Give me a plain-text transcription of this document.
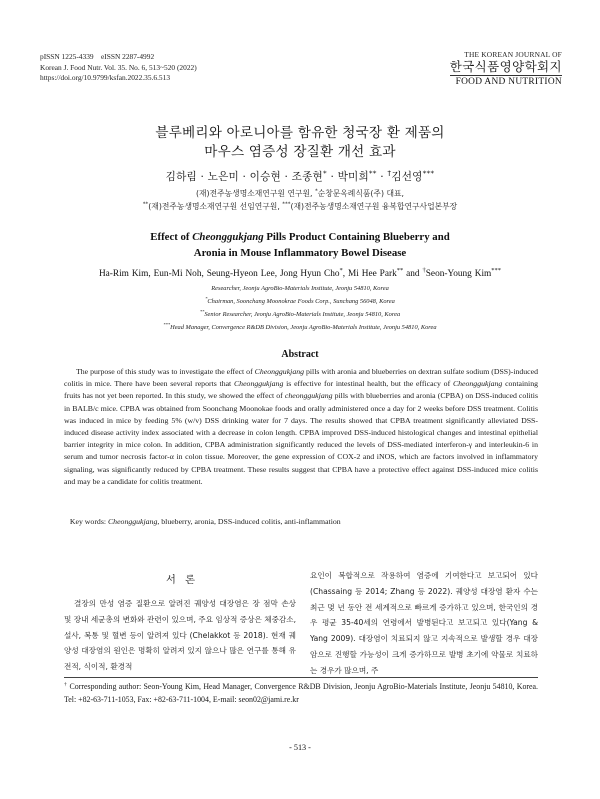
pISSN 1225-4339    eISSN 2287-4992
Korean J. Food Nutr. Vol. 35. No. 6, 513~520 (2022)
https://doi.org/10.9799/ksfan.2022.35.6.513
THE KOREAN JOURNAL OF
한국식품영양학회지
FOOD AND NUTRITION
블루베리와 아로니아를 함유한 청국장 환 제품의
마우스 염증성 장질환 개선 효과
김하림 · 노은미 · 이승현 · 조종현* · 박미희** · †김선영***
(재)전주농생명소재연구원 연구원, *순창문옥례식품(주) 대표,
**(재)전주농생명소재연구원 선임연구원, ***(재)전주농생명소재연구원 융복합연구사업본부장
Effect of Cheonggukjang Pills Product Containing Blueberry and
Aronia in Mouse Inflammatory Bowel Disease
Ha-Rim Kim, Eun-Mi Noh, Seung-Hyeon Lee, Jong Hyun Cho*, Mi Hee Park** and †Seon-Young Kim***
Researcher, Jeonju AgroBio-Materials Institute, Jeonju 54810, Korea
*Chairman, Soonchang Moonokrae Foods Corp., Sunchang 56048, Korea
**Senior Researcher, Jeonju AgroBio-Materials Institute, Jeonju 54810, Korea
***Head Manager, Convergence R&DB Division, Jeonju AgroBio-Materials Institute, Jeonju 54810, Korea
Abstract

The purpose of this study was to investigate the effect of Cheonggukjang pills with aronia and blueberries on dextran sulfate sodium (DSS)-induced colitis in mice. There have been several reports that Cheonggukjang is effective for intestinal health, but the efficacy of Cheonggukjang containing fruits has not yet been reported. In this study, we showed the effect of cheonggukjang pills with blueberries and aronia (CPBA) on DSS-induced colitis in BALB/c mice. CPBA was obtained from Soonchang Moonokae foods and orally administered once a day for 2 weeks before DSS treatment. Colitis was induced in mice by feeding 5% (w/v) DSS drinking water for 7 days. The results showed that CPBA treatment significantly alleviated DSS-induced disease activity index associated with a decrease in colon length. CPBA improved DSS-induced histological changes and intestinal epithelial barrier integrity in mice colon. In addition, CPBA administration significantly reduced the levels of DSS-mediated interferon-γ and interleukin-6 in serum and tumor necrosis factor-α in colon tissue. Moreover, the gene expression of COX-2 and iNOS, which are factors involved in inflammatory signaling, was significantly reduced by CPBA treatment. These results suggest that CPBA have a protective effect against DSS-induced mice colitis and may be a candidate for colitis treatment.

Key words: Cheonggukjang, blueberry, aronia, DSS-induced colitis, anti-inflammation
서 론

결장의 만성 염증 질환으로 알려진 궤양성 대장염은 장 점막 손상 및 장내 세균총의 변화와 관련이 있으며, 주요 임상적 증상은 체중감소, 설사, 복통 및 혈변 등이 알려져 있다 (Chelakkot 등 2018). 현재 궤양성 대장염의 원인은 명확히 알려져 있지 않으나 많은 연구를 통해 유전적, 식이적, 환경적

요인이 복합적으로 작용하여 염증에 기여한다고 보고되어 있다(Chassaing 등 2014; Zhang 등 2022). 궤양성 대장염 환자 수는 최근 몇 년 동안 전 세계적으로 빠르게 증가하고 있으며, 한국인의 경우 평균 35-40세의 연령에서 발병된다고 보고되고 있다(Yang & Yang 2009). 대장염이 치료되지 않고 지속적으로 발생할 경우 대장암으로 진행할 가능성이 크게 증가하므로 발병 초기에 약물로 치료하는 경우가 많으며, 주

† Corresponding author: Seon-Young Kim, Head Manager, Convergence R&DB Division, Jeonju AgroBio-Materials Institute, Jeonju 54810, Korea. Tel: +82-63-711-1053, Fax: +82-63-711-1004, E-mail: seon02@jami.re.kr

- 513 -
